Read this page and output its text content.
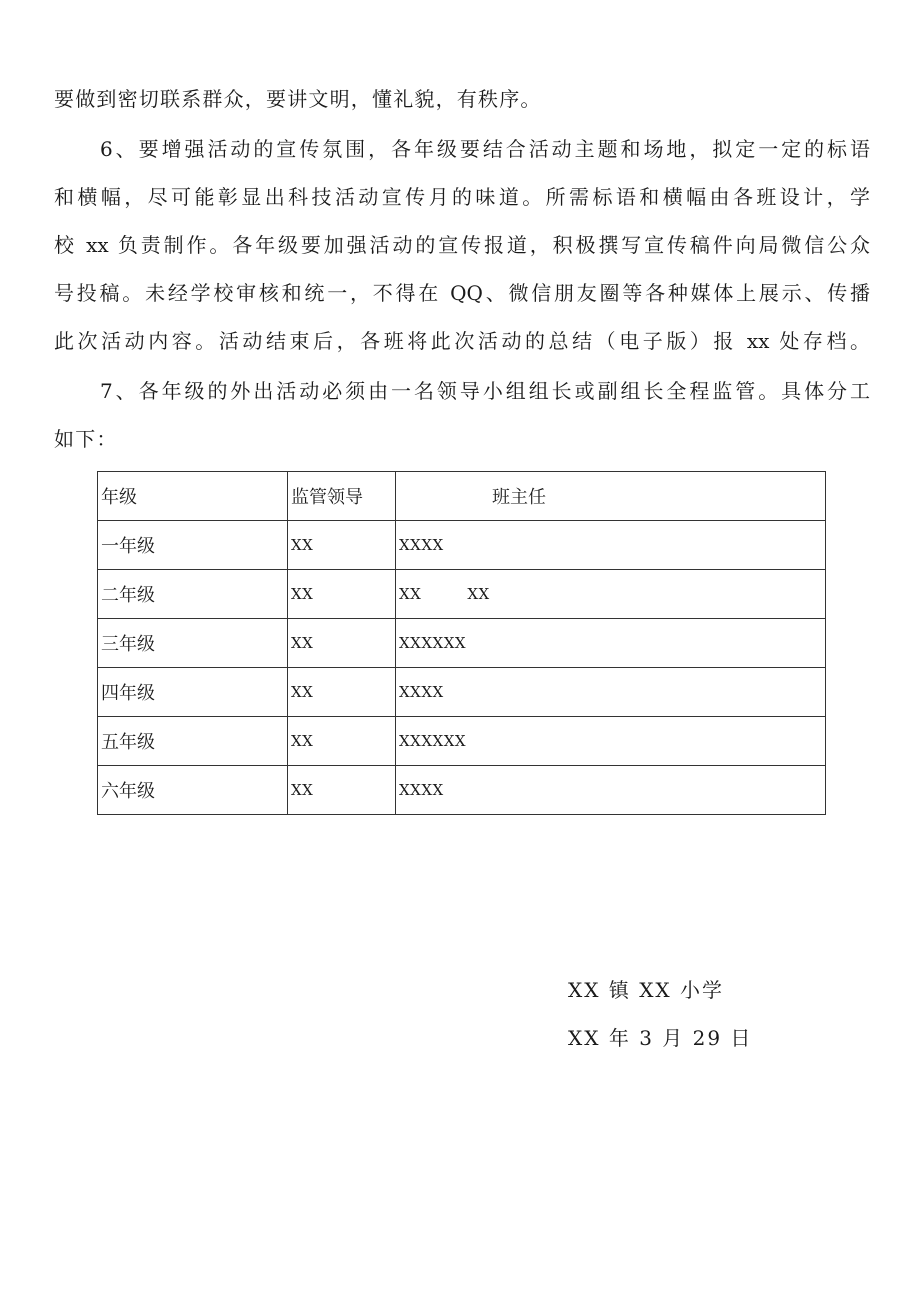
要做到密切联系群众，要讲文明，懂礼貌，有秩序。
6、要增强活动的宣传氛围，各年级要结合活动主题和场地，拟定一定的标语
和横幅，尽可能彰显出科技活动宣传月的味道。所需标语和横幅由各班设计，学
校 xx 负责制作。各年级要加强活动的宣传报道，积极撰写宣传稿件向局微信公众
号投稿。未经学校审核和统一，不得在 QQ、微信朋友圈等各种媒体上展示、传播
此次活动内容。活动结束后，各班将此次活动的总结（电子版）报 xx 处存档。
7、各年级的外出活动必须由一名领导小组组长或副组长全程监管。具体分工
如下：
年级	监管领导	班主任
一年级	XX	XXXX
二年级	XX	XX XX
三年级	XX	XXXXXX
四年级	XX	XXXX
五年级	XX	XXXXXX
六年级	XX	XXXX
XX 镇 XX 小学
XX 年 3 月 29 日
